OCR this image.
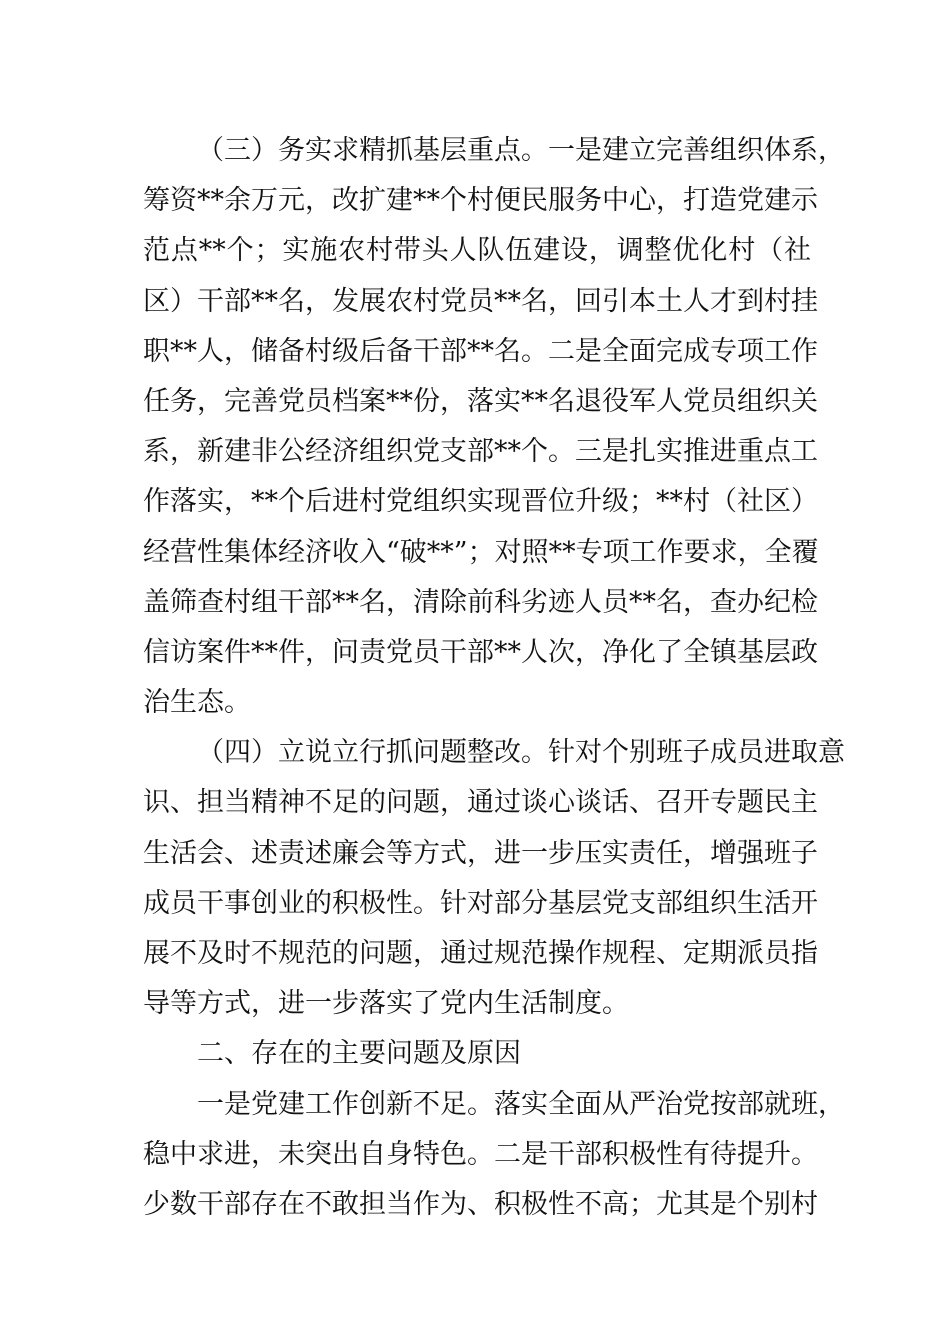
（三）务实求精抓基层重点。一是建立完善组织体系，
筹资**余万元，改扩建**个村便民服务中心，打造党建示
范点**个；实施农村带头人队伍建设，调整优化村（社
区）干部**名，发展农村党员**名，回引本土人才到村挂
职**人，储备村级后备干部**名。二是全面完成专项工作
任务，完善党员档案**份，落实**名退役军人党员组织关
系，新建非公经济组织党支部**个。三是扎实推进重点工
作落实，**个后进村党组织实现晋位升级；**村（社区）
经营性集体经济收入“破**”；对照**专项工作要求，全覆
盖筛查村组干部**名，清除前科劣迹人员**名，查办纪检
信访案件**件，问责党员干部**人次，净化了全镇基层政
治生态。
（四）立说立行抓问题整改。针对个别班子成员进取意
识、担当精神不足的问题，通过谈心谈话、召开专题民主
生活会、述责述廉会等方式，进一步压实责任，增强班子
成员干事创业的积极性。针对部分基层党支部组织生活开
展不及时不规范的问题，通过规范操作规程、定期派员指
导等方式，进一步落实了党内生活制度。
二、存在的主要问题及原因
一是党建工作创新不足。落实全面从严治党按部就班，
稳中求进，未突出自身特色。二是干部积极性有待提升。
少数干部存在不敢担当作为、积极性不高；尤其是个别村
